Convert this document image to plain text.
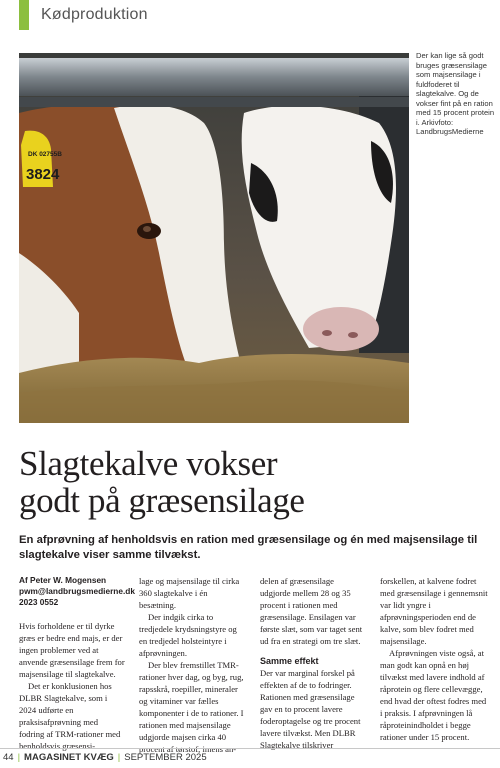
Kødproduktion
DK 02755B
3824
Der kan lige så godt bruges græsensilage som majsensilage i fuldfoderet til slagtekalve. Og de vokser fint på en ration med 15 procent protein i. Arkivfoto: LandbrugsMedierne
Slagtekalve vokser
godt på græsensilage
En afprøvning af henholdsvis en ration med græsensilage og én med majsensilage til slagtekalve viser samme tilvækst.
Af Peter W. Mogensen
pwm@landbrugsmedierne.dk
2023 0552

Hvis forholdene er til dyrke græs er bedre end majs, er der ingen problemer ved at anvende græsensilage frem for majsensilage til slagtekalve.

Det er konklusionen hos DLBR Slagtekalve, som i 2024 udførte en praksisafprøvning med fodring af TRM-rationer med henholdsvis græsensi-

lage og majsensilage til cirka 360 slagtekalve i én besætning.

Der indgik cirka to tredjedele krydsningstyre og en tredjedel holsteintyre i afprøvningen.

Der blev fremstillet TMR-rationer hver dag, og byg, rug, rapsskrå, roepiller, mineraler og vitaminer var fælles komponenter i de to rationer. I rationen med majsensilage udgjorde majsen cirka 40 procent af tørstof, imens an-

delen af græsensilage udgjorde mellem 28 og 35 procent i rationen med græsensilage. Ensilagen var første slæt, som var taget sent ud fra en strategi om tre slæt.

Samme effekt

Der var marginal forskel på effekten af de to fodringer. Rationen med græsensilage gav en to procent lavere foderoptagelse og tre procent lavere tilvækst. Men DLBR Slagtekalve tilskriver

forskellen, at kalvene fodret med græsensilage i gennemsnit var lidt yngre i afprøvningsperioden end de kalve, som blev fodret med majsensilage.

Afprøvningen viste også, at man godt kan opnå en høj tilvækst med lavere indhold af råprotein og flere cellevægge, end hvad der oftest fodres med i praksis. I afprøvningen lå råproteinindholdet i begge rationer under 15 procent.

44 | MAGASINET KVÆG | SEPTEMBER 2025
